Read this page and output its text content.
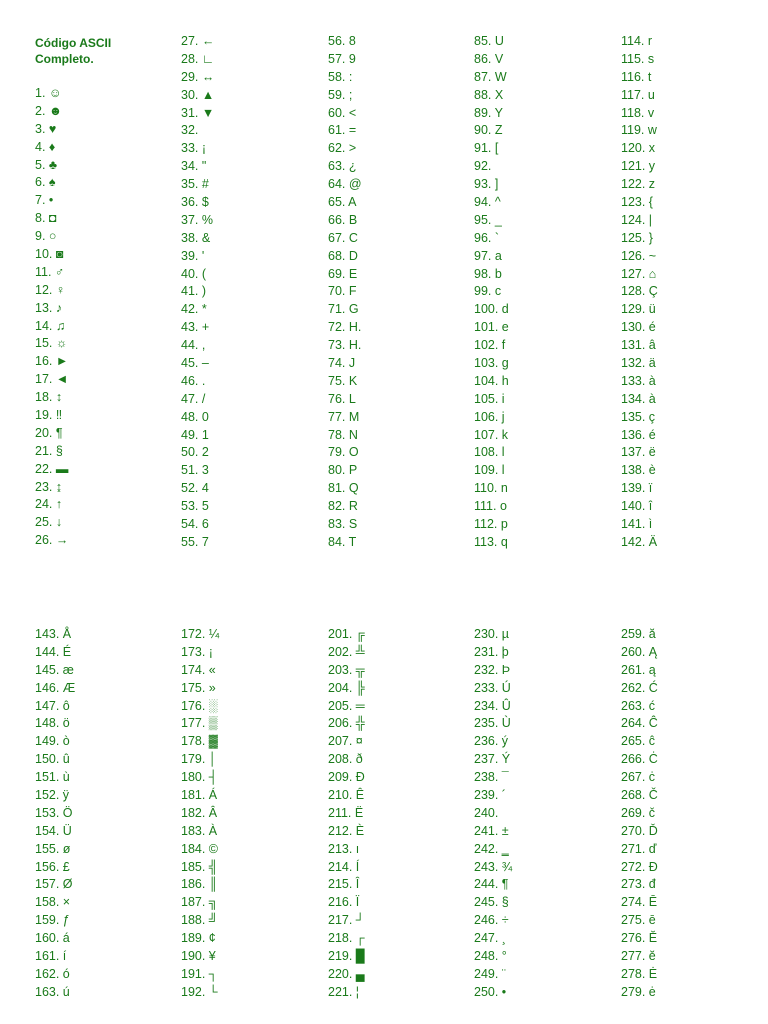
Código ASCII
Completo.
1. ☺
2. ☻
3. ♥
4. ♦
5. ♣
6. ♠
7. •
8. ◘
9. ○
10. ◙
11. ♂
12. ♀
13. ♪
14. ♫
15. ☼
16. ►
17. ◄
18. ↕
19. ‼
20. ¶
21. §
22. ▬
23. ↨
24. ↑
25. ↓
26. →
27. ←
28. ∟
29. ↔
30. ▲
31. ▼
32.
33. ¡
34. "
35. #
36. $
37. %
38. &
39. '
40. (
41. )
42. *
43. +
44. ,
45. –
46. .
47. /
48. 0
49. 1
50. 2
51. 3
52. 4
53. 5
54. 6
55. 7
56. 8
57. 9
58. :
59. ;
60. <
61. =
62. >
63. ¿
64. @
65. A
66. B
67. C
68. D
69. E
70. F
71. G
72. H.
73. H.
74. J
75. K
76. L
77. M
78. N
79. O
80. P
81. Q
82. R
83. S
84. T
85. U
86. V
87. W
88. X
89. Y
90. Z
91. [
92.
93. ]
94. ^
95. _
96. `
97. a
98. b
99. c
100. d
101. e
102. f
103. g
104. h
105. i
106. j
107. k
108. l
109. l
110. n
111. o
112. p
113. q
114. r
115. s
116. t
117. u
118. v
119. w
120. x
121. y
122. z
123. {
124. |
125. }
126. ~
127. ⌂
128. Ç
129. ü
130. é
131. â
132. ä
133. à
134. à
135. ç
136. é
137. ë
138. è
139. ï
140. î
141. ì
142. Ä
143. Å
144. É
145. æ
146. Æ
147. ô
148. ö
149. ò
150. û
151. ù
152. ÿ
153. Ö
154. Ü
155. ø
156. £
157. Ø
158. ×
159. ƒ
160. á
161. í
162. ó
163. ú
172. ¼
173. ¡
174. «
175. »
176. ░
177. ▒
178. ▓
179. │
180. ┤
181. Á
182. Â
183. À
184. ©
185. ╣
186. ║
187. ╗
188. ╝
189. ¢
190. ¥
191. ┐
192. └
201. ╔
202. ╩
203. ╦
204. ╠
205. ═
206. ╬
207. ¤
208. ð
209. Ð
210. Ê
211. Ë
212. È
213. ı
214. Í
215. Î
216. Ï
217. ┘
218. ┌
219. █
220. ▄
221. ¦
230. µ
231. þ
232. Þ
233. Ú
234. Û
235. Ù
236. ý
237. Ý
238. ¯
239. ´
240.
241. ±
242. ‗
243. ¾
244. ¶
245. §
246. ÷
247. ¸
248. °
249. ¨
250. •
259. ă
260. Ą
261. ą
262. Ć
263. ć
264. Ĉ
265. ĉ
266. Ċ
267. ċ
268. Č
269. č
270. Ď
271. ď
272. Đ
273. đ
274. Ē
275. ē
276. Ĕ
277. ĕ
278. Ė
279. ė
